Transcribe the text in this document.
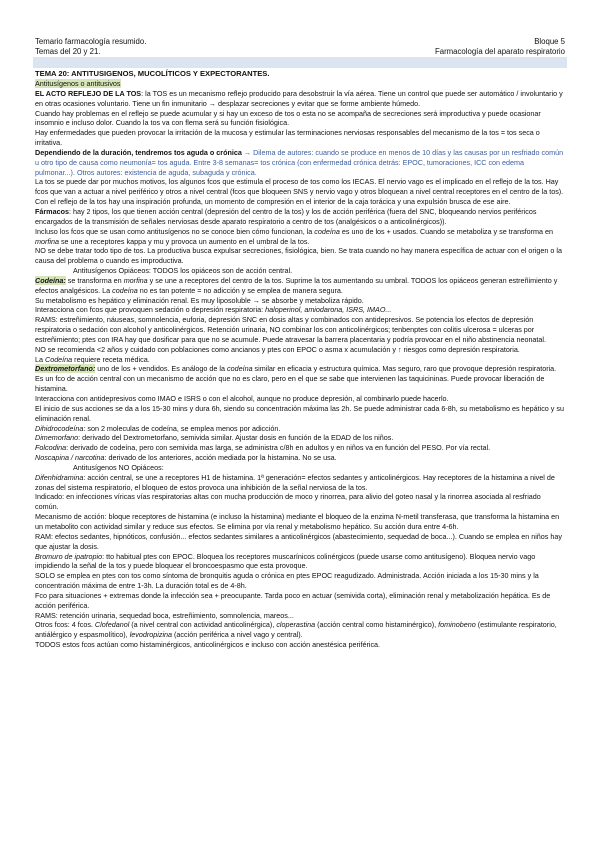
Temario farmacología resumido.	Bloque 5
Temas del 20 y 21.	Farmacología del aparato respiratorio
TEMA 20: ANTITUSIGENOS, MUCOLÍTICOS Y EXPECTORANTES.

Antitusígenos o antitusivos

EL ACTO REFLEJO DE LA TOS: la TOS es un mecanismo reflejo producido para desobstruir la vía aérea. Tiene un control que puede ser automático / involuntario y en otras ocasiones voluntario. Tiene un fin inmunitario → desplazar secreciones y evitar que se forme ambiente húmedo.

Cuando hay problemas en el reflejo se puede acumular y si hay un exceso de tos o esta no se acompaña de secreciones será improductiva y puede ocasionar insomnio e incluso dolor. Cuando la tos va con flema será su función fisiológica.

Hay enfermedades que pueden provocar la irritación de la mucosa y estimular las terminaciones nerviosas responsables del mecanismo de la tos = tos seca o irritativa.

Dependiendo de la duración, tendremos tos aguda o crónica → Dilema de autores: cuando se produce en menos de 10 días y las causas por un resfriado común u otro tipo de causa como neumonía= tos aguda. Entre 3-8 semanas= tos crónica (con enfermedad crónica detrás: EPOC, tumoraciones, ICC con edema pulmonar...). Otros autores: existencia de aguda, subaguda y crónica.

La tos se puede dar por muchos motivos, los algunos fcos que estimula el proceso de tos como los IECAS. El nervio vago es el implicado en el reflejo de la tos. Hay fcos que van a actuar a nivel periférico y otros a nivel central (fcos que bloqueen SNS y nervio vago y otros bloquean a nivel central receptores en el centro de la tos). Con el reflejo de la tos hay una inspiración profunda, un momento de compresión en el interior de la caja torácica y una expulsión brusca de ese aire.

Fármacos: hay 2 tipos, los que tienen acción central (depresión del centro de la tos) y los de acción periférica (fuera del SNC, bloqueando nervios periféricos encargados de la transmisión de señales nerviosas desde aparato respiratorio a centro de tos (analgésicos o a anticolinérgicos)).

Incluso los fcos que se usan como antitusígenos no se conoce bien cómo funcionan, la codeína es uno de los + usados. Cuando se metaboliza y se transforma en morfina se une a receptores kappa y mu y provoca un aumento en el umbral de la tos.

NO se debe tratar todo tipo de tos. La productiva busca expulsar secreciones, fisiológica, bien. Se trata cuando no hay manera específica de actuar con el origen o la causa del problema o cuando es improductiva.

Antitusígenos Opiáceos: TODOS los opiáceos son de acción central.

Codeína: se transforma en morfina y se une a receptores del centro de la tos. Suprime la tos aumentando su umbral. TODOS los opiáceos generan estreñimiento y efectos analgésicos. La codeína no es tan potente = no adicción y se emplea de manera segura.

Su metabolismo es hepático y eliminación renal. Es muy liposoluble → se absorbe y metaboliza rápido.

Interacciona con fcos que provoquen sedación o depresión respiratoria: haloperinol, amiodarona, ISRS, IMAO...

RAMS: estreñimiento, náuseas, somnolencia, euforia, depresión SNC en dosis altas y combinados con antidepresivos. Se potencia los efectos de depresión respiratoria o sedación con alcohol y anticolinérgicos. Retención urinaria, NO combinar los con anticolinérgicos; tenbenptes con colitis ulcerosa = ulceras por estreñimiento; ptes con IRA hay que dosificar para que no se acumule. Puede atravesar la barrera placentaria y podría provocar en el niño abstinencia neonatal.

NO se recomienda <2 años y cuidado con poblaciones como ancianos y ptes con EPOC o asma x acumulación y ↑ riesgos como depresión respiratoria.

La Codeína requiere receta médica.

Dextrometorfano: uno de los + vendidos. Es análogo de la codeína similar en eficacia y estructura química. Mas seguro, raro que provoque depresión respiratoria. Es un fco de acción central con un mecanismo de acción que no es claro, pero en el que se sabe que intervienen las taquicininas. Puede provocar liberación de histamina.

Interacciona con antidepresivos como IMAO e ISRS o con el alcohol, aunque no produce depresión, al combinarlo puede hacerlo.

El inicio de sus acciones se da a los 15-30 mins y dura 6h, siendo su concentración máxima las 2h. Se puede administrar cada 6-8h, su metabolismo es hepático y su eliminación renal.

Dihidrocodeína: son 2 moleculas de codeína, se emplea menos por adicción.

Dimemorfano: derivado del Dextrometorfano, semivida similar. Ajustar dosis en función de la EDAD de los niños.

Folcodina: derivado de codeína, pero con semivida mas larga, se administra c/8h en adultos y en niños va en función del PESO. Por vía rectal.

Noscapina / narcotina: derivado de los anteriores, acción mediada por la histamina. No se usa.

Antitusígenos NO Opiáceos:

Difenhidramina: acción central, se une a receptores H1 de histamina. 1ª generación= efectos sedantes y anticolinérgicos. Hay receptores de la histamina a nivel de zonas del sistema respiratorio, el bloqueo de estos provoca una inhibición de la señal nerviosa de la tos.

Indicado: en infecciones víricas vías respiratorias altas con mucha producción de moco y rinorrea, para alivio del goteo nasal y la rinorrea asociada al resfriado común.

Mecanismo de acción: bloque receptores de histamina (e incluso la histamina) mediante el bloqueo de la enzima N-metil transferasa, que transforma la histamina en un metabolito con actividad similar y reduce sus efectos. Se elimina por vía renal y metabolismo hepático. Su acción dura entre 4-6h.

RAM: efectos sedantes, hipnóticos, confusión... efectos sedantes similares a anticolinérgicos (abastecimiento, sequedad de boca...). Cuando se emplea en niños hay que ajustar la dosis.

Bromuro de ipatropio: tto habitual ptes con EPOC. Bloquea los receptores muscarínicos colinérgicos (puede usarse como antitusígeno). Bloquea nervio vago impidiendo la señal de la tos y puede bloquear el broncoespasmo que esta provoque.

SOLO se emplea en ptes con tos como síntoma de bronquitis aguda o crónica en ptes EPOC reagudizado. Administrada. Acción iniciada a los 15-30 mins y la concentración máxima de entre 1-3h. La duración total es de 4-8h.

Fco para situaciones + extremas donde la infección sea + preocupante. Tarda poco en actuar (semivida corta), eliminación renal y metabolización hepática. Es de acción periférica.

RAMS: retención urinaria, sequedad boca, estreñimiento, somnolencia, mareos...

Otros fcos: 4 fcos. Clofedanol (a nivel central con actividad anticolinérgica), cloperastina (acción central como histaminérgico), fominobeno (estimulante respiratorio, antiálérgico y espasmolítico), levodropizina (acción periférica a nivel vago y central).

TODOS estos fcos actúan como histaminérgicos, anticolinérgicos e incluso con acción anestésica periférica.
